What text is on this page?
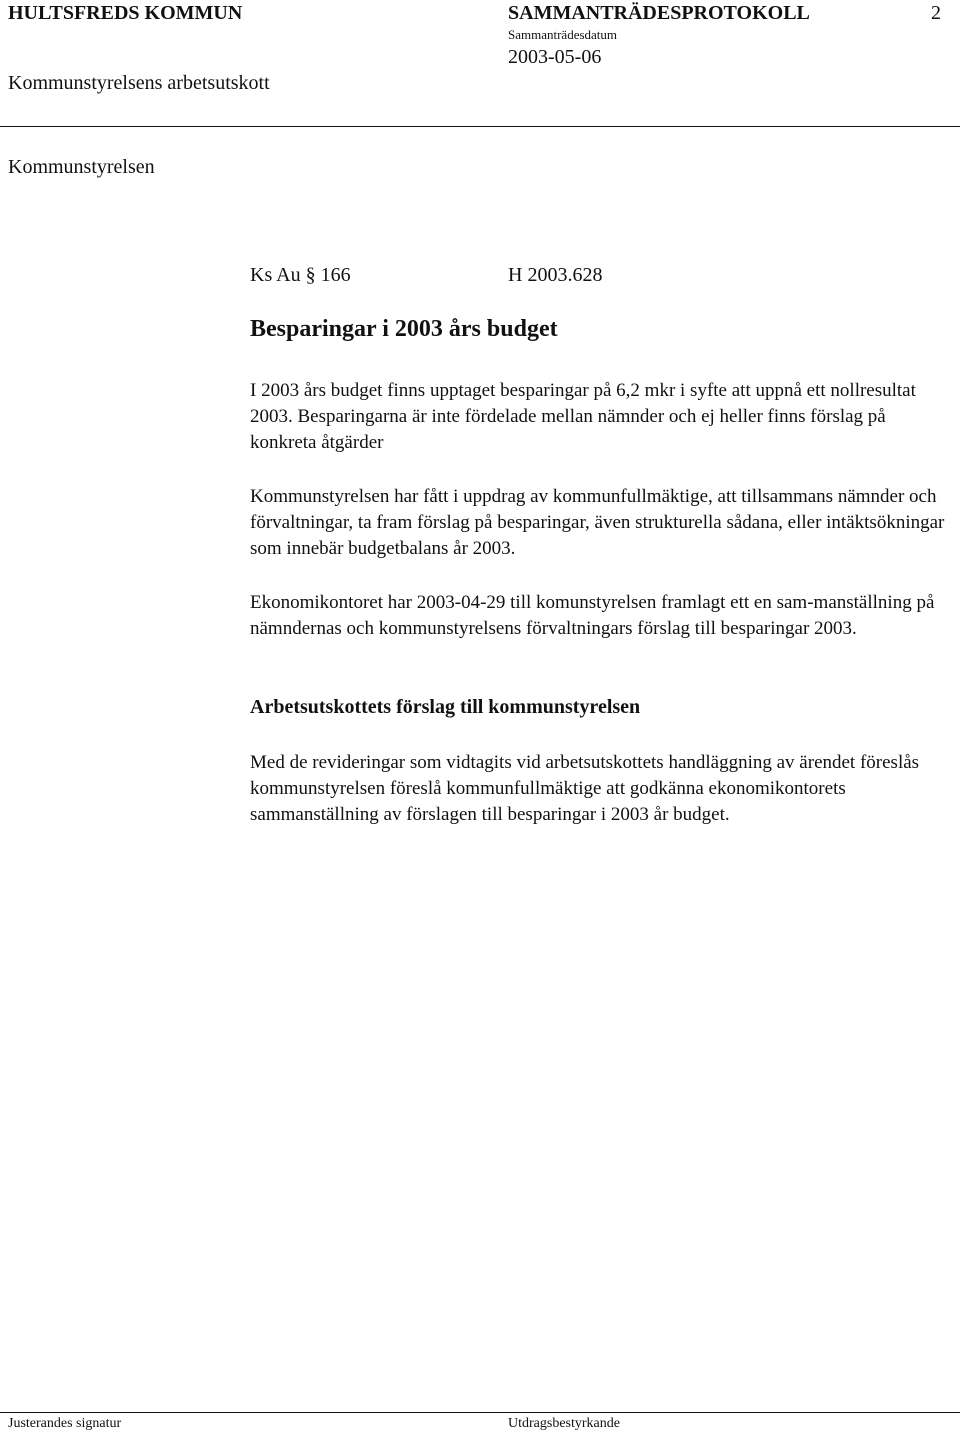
HULTSFREDS KOMMUN	SAMMANTRÄDESPROTOKOLL	2
Sammanträdesdatum
2003-05-06
Kommunstyrelsens arbetsutskott
Kommunstyrelsen
Ks Au § 166	H 2003.628
Besparingar i 2003 års budget
I 2003 års budget finns upptaget besparingar på 6,2 mkr i syfte att uppnå ett nollresultat 2003. Besparingarna är inte fördelade mellan nämnder och ej heller finns förslag på konkreta åtgärder
Kommunstyrelsen har fått i uppdrag av kommunfullmäktige, att tillsammans nämnder och förvaltningar, ta fram förslag på besparingar, även strukturella sådana, eller intäktsökningar som innebär budgetbalans år 2003.
Ekonomikontoret har 2003-04-29 till komunstyrelsen framlagt ett en sam-manställning på nämndernas och kommunstyrelsens förvaltningars förslag till besparingar 2003.
Arbetsutskottets förslag till kommunstyrelsen
Med de revideringar som vidtagits vid arbetsutskottets handläggning av ärendet föreslås kommunstyrelsen föreslå kommunfullmäktige att godkänna ekonomikontorets sammanställning av förslagen till besparingar i 2003 år budget.
Justerandes signatur	Utdragsbestyrkande
